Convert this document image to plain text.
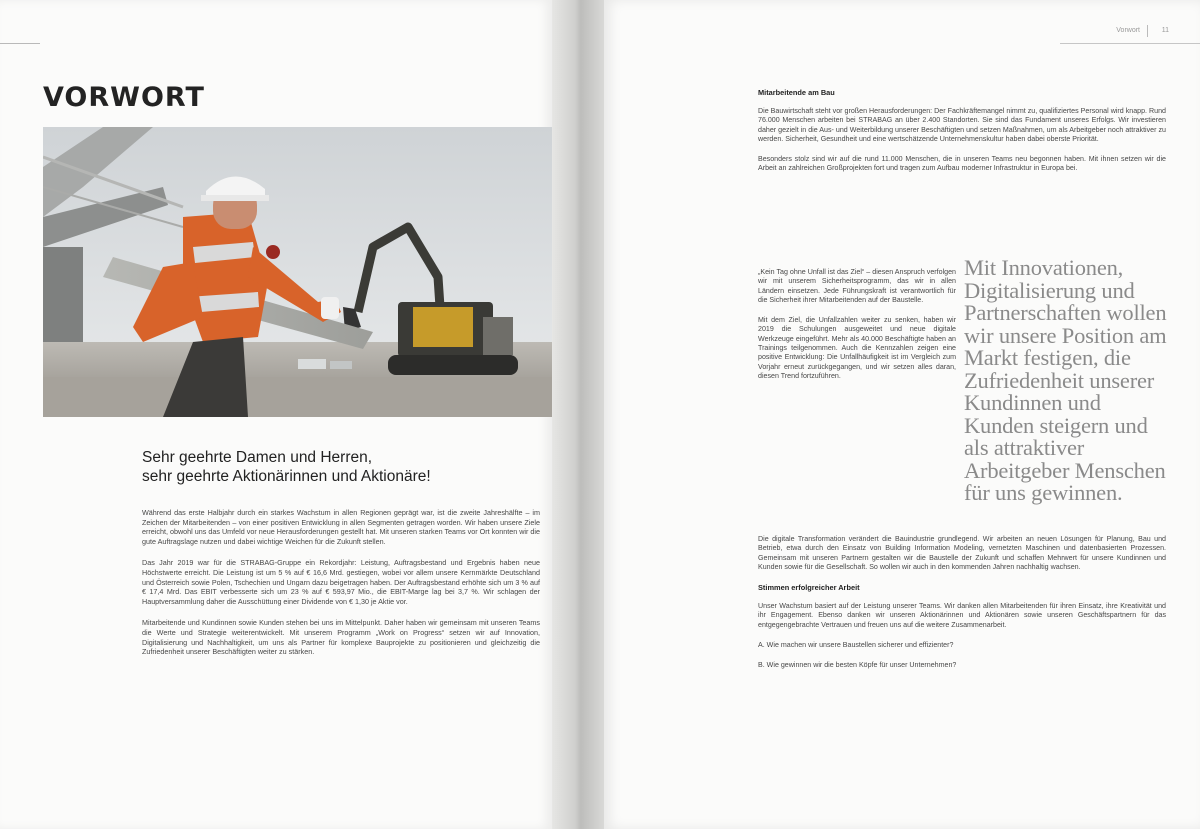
VORWORT
Sehr geehrte Damen und Herren,
sehr geehrte Aktionärinnen und Aktionäre!

Während das erste Halbjahr durch ein starkes Wachstum in allen Regionen geprägt war, ist die zweite Jahreshälfte – im Zeichen der Mitarbeitenden – von einer positiven Entwicklung in allen Segmenten getragen worden. Wir haben unsere Ziele erreicht, obwohl uns das Umfeld vor neue Herausforderungen gestellt hat. Mit unseren starken Teams vor Ort konnten wir die gute Auftragslage nutzen und dabei wichtige Weichen für die Zukunft stellen.

Das Jahr 2019 war für die STRABAG-Gruppe ein Rekordjahr: Leistung, Auftragsbestand und Ergebnis haben neue Höchstwerte erreicht. Die Leistung ist um 5 % auf € 16,6 Mrd. gestiegen, wobei vor allem unsere Kernmärkte Deutschland und Österreich sowie Polen, Tschechien und Ungarn dazu beigetragen haben. Der Auftragsbestand erhöhte sich um 3 % auf € 17,4 Mrd. Das EBIT verbesserte sich um 23 % auf € 593,97 Mio., die EBIT-Marge lag bei 3,7 %. Wir schlagen der Hauptversammlung daher die Ausschüttung einer Dividende von € 1,30 je Aktie vor.

Mitarbeitende und Kundinnen sowie Kunden stehen bei uns im Mittelpunkt. Daher haben wir gemeinsam mit unseren Teams die Werte und Strategie weiterentwickelt. Mit unserem Programm „Work on Progress“ setzen wir auf Innovation, Digitalisierung und Nachhaltigkeit, um uns als Partner für komplexe Bauprojekte zu positionieren und gleichzeitig die Zufriedenheit unserer Beschäftigten weiter zu stärken.

Vorwort	11
Mitarbeitende am Bau

Die Bauwirtschaft steht vor großen Herausforderungen: Der Fachkräftemangel nimmt zu, qualifiziertes Personal wird knapp. Rund 76.000 Menschen arbeiten bei STRABAG an über 2.400 Standorten. Sie sind das Fundament unseres Erfolgs. Wir investieren daher gezielt in die Aus- und Weiterbildung unserer Beschäftigten und setzen Maßnahmen, um als Arbeitgeber noch attraktiver zu werden. Sicherheit, Gesundheit und eine wertschätzende Unternehmenskultur haben dabei oberste Priorität.

Besonders stolz sind wir auf die rund 11.000 Menschen, die in unseren Teams neu begonnen haben. Mit ihnen setzen wir die Arbeit an zahlreichen Großprojekten fort und tragen zum Aufbau moderner Infrastruktur in Europa bei.

„Kein Tag ohne Unfall ist das Ziel“ – diesen Anspruch verfolgen wir mit unserem Sicherheitsprogramm, das wir in allen Ländern einsetzen. Jede Führungskraft ist verantwortlich für die Sicherheit ihrer Mitarbeitenden auf der Baustelle.

Mit dem Ziel, die Unfallzahlen weiter zu senken, haben wir 2019 die Schulungen ausgeweitet und neue digitale Werkzeuge eingeführt. Mehr als 40.000 Beschäftigte haben an Trainings teilgenommen. Auch die Kennzahlen zeigen eine positive Entwicklung: Die Unfallhäufigkeit ist im Vergleich zum Vorjahr erneut zurückgegangen, und wir setzen alles daran, diesen Trend fortzuführen.

Mit Innovationen, Digitalisierung und Partnerschaften wollen wir unsere Position am Markt festigen, die Zufriedenheit unserer Kundinnen und Kunden steigern und als attraktiver Arbeitgeber Menschen für uns gewinnen.

Die digitale Transformation verändert die Bauindustrie grundlegend. Wir arbeiten an neuen Lösungen für Planung, Bau und Betrieb, etwa durch den Einsatz von Building Information Modeling, vernetzten Maschinen und datenbasierten Prozessen. Gemeinsam mit unseren Partnern gestalten wir die Baustelle der Zukunft und schaffen Mehrwert für unsere Kundinnen und Kunden sowie für die Gesellschaft. So wollen wir auch in den kommenden Jahren nachhaltig wachsen.

Stimmen erfolgreicher Arbeit

Unser Wachstum basiert auf der Leistung unserer Teams. Wir danken allen Mitarbeitenden für ihren Einsatz, ihre Kreativität und ihr Engagement. Ebenso danken wir unseren Aktionärinnen und Aktionären sowie unseren Geschäftspartnern für das entgegengebrachte Vertrauen und freuen uns auf die weitere Zusammenarbeit.

A. Wie machen wir unsere Baustellen sicherer und effizienter?
B. Wie gewinnen wir die besten Köpfe für unser Unternehmen?
